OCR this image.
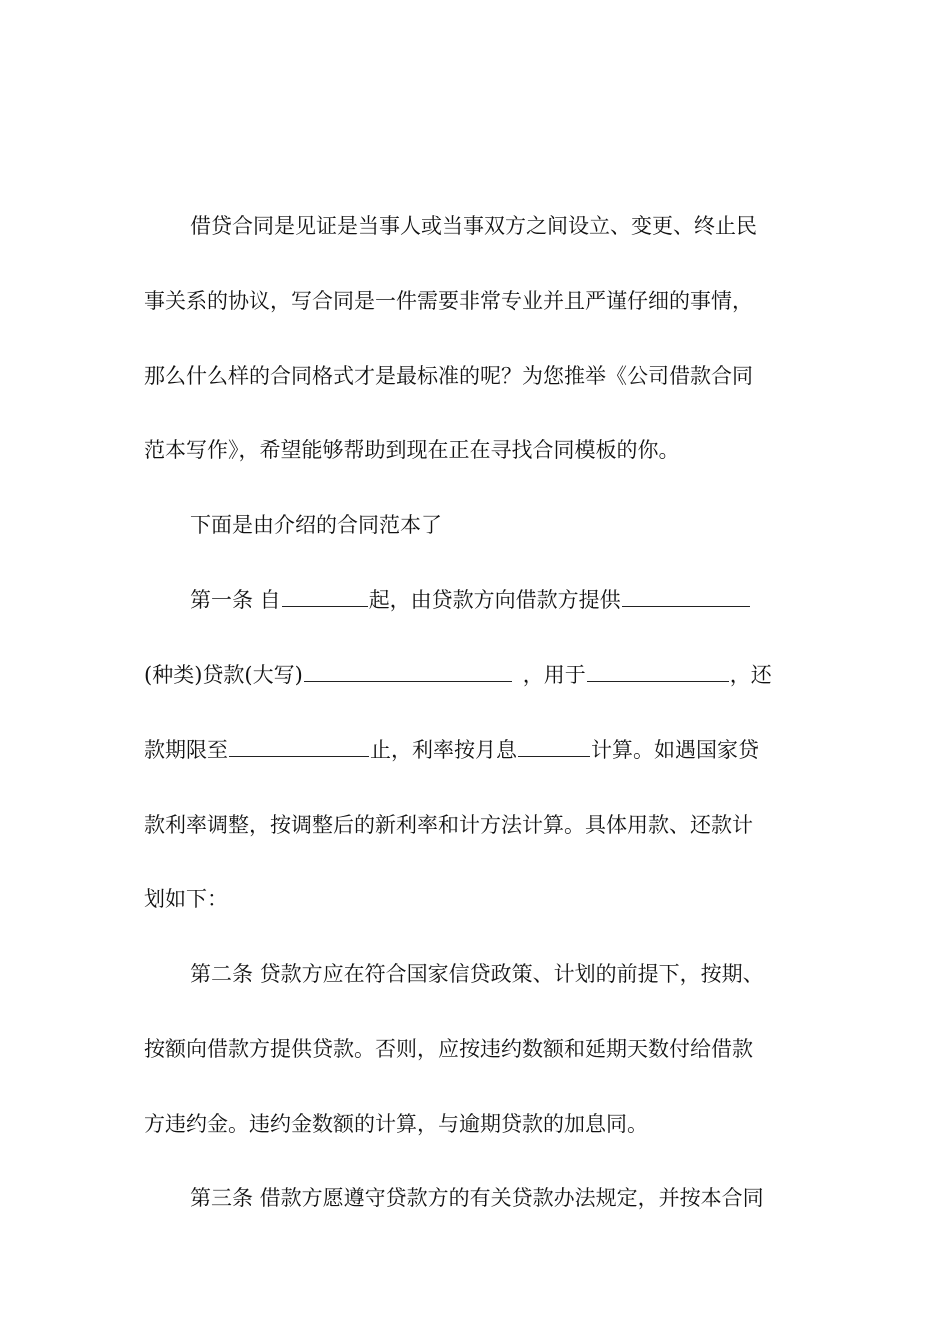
借贷合同是见证是当事人或当事双方之间设立、变更、终止民
事关系的协议，写合同是一件需要非常专业并且严谨仔细的事情，
那么什么样的合同格式才是最标准的呢？为您推举《公司借款合同
范本写作》，希望能够帮助到现在正在寻找合同模板的你。
下面是由介绍的合同范本了
第一条 自	起，由贷款方向借款方提供
(种类)贷款(大写)	，用于	，还
款期限至	止，利率按月息	计算。如遇国家贷
款利率调整，按调整后的新利率和计方法计算。具体用款、还款计
划如下：
第二条 贷款方应在符合国家信贷政策、计划的前提下，按期、
按额向借款方提供贷款。否则，应按违约数额和延期天数付给借款
方违约金。违约金数额的计算，与逾期贷款的加息同。
第三条 借款方愿遵守贷款方的有关贷款办法规定，并按本合同
